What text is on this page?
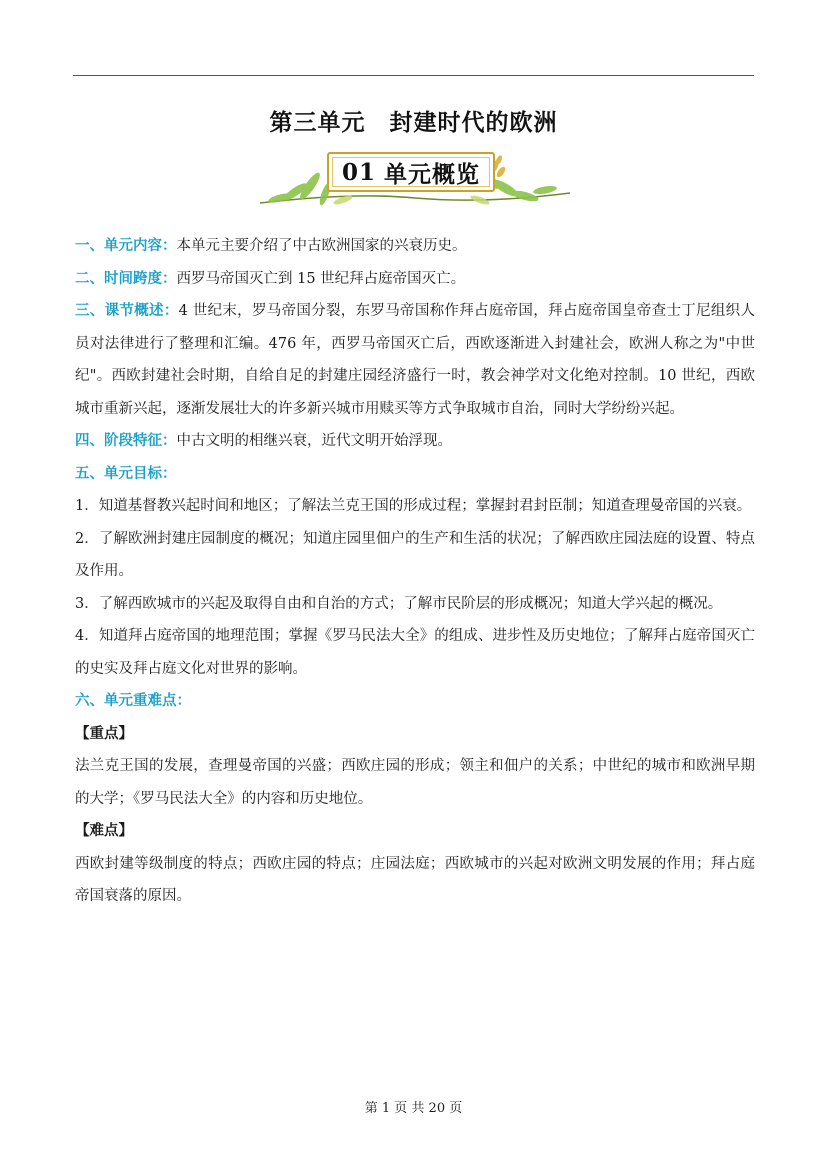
第三单元　封建时代的欧洲
01 单元概览

一、单元内容：本单元主要介绍了中古欧洲国家的兴衰历史。

二、时间跨度：西罗马帝国灭亡到 15 世纪拜占庭帝国灭亡。

三、课节概述：4 世纪末，罗马帝国分裂，东罗马帝国称作拜占庭帝国，拜占庭帝国皇帝查士丁尼组织人员对法律进行了整理和汇编。476 年，西罗马帝国灭亡后，西欧逐渐进入封建社会，欧洲人称之为"中世纪"。西欧封建社会时期，自给自足的封建庄园经济盛行一时，教会神学对文化绝对控制。10 世纪，西欧城市重新兴起，逐渐发展壮大的许多新兴城市用赎买等方式争取城市自治，同时大学纷纷兴起。

四、阶段特征：中古文明的相继兴衰，近代文明开始浮现。

五、单元目标：

1．知道基督教兴起时间和地区；了解法兰克王国的形成过程；掌握封君封臣制；知道查理曼帝国的兴衰。

2．了解欧洲封建庄园制度的概况；知道庄园里佃户的生产和生活的状况；了解西欧庄园法庭的设置、特点及作用。

3．了解西欧城市的兴起及取得自由和自治的方式；了解市民阶层的形成概况；知道大学兴起的概况。

4．知道拜占庭帝国的地理范围；掌握《罗马民法大全》的组成、进步性及历史地位；了解拜占庭帝国灭亡的史实及拜占庭文化对世界的影响。

六、单元重难点：

【重点】

法兰克王国的发展，查理曼帝国的兴盛；西欧庄园的形成；领主和佃户的关系；中世纪的城市和欧洲早期的大学；《罗马民法大全》的内容和历史地位。

【难点】

西欧封建等级制度的特点；西欧庄园的特点；庄园法庭；西欧城市的兴起对欧洲文明发展的作用；拜占庭帝国衰落的原因。

第 1 页 共 20 页
